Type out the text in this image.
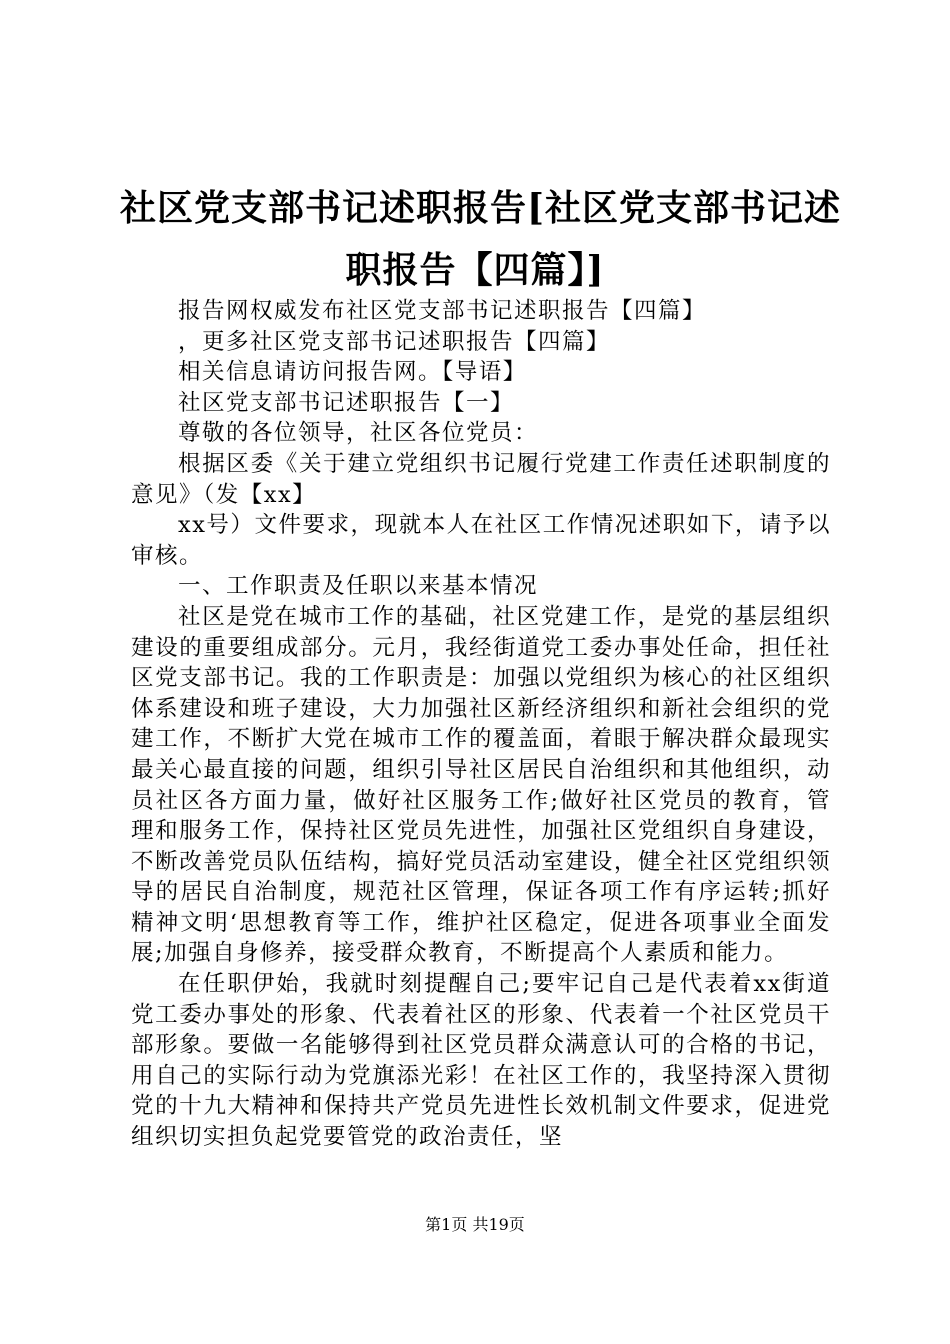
社区党支部书记述职报告[社区党支部书记述
职报告【四篇】]

报告网权威发布社区党支部书记述职报告【四篇】

，更多社区党支部书记述职报告【四篇】

相关信息请访问报告网。【导语】

社区党支部书记述职报告【一】

尊敬的各位领导，社区各位党员：

根据区委《关于建立党组织书记履行党建工作责任述职制度的意见》（发【xx】

xx号）文件要求，现就本人在社区工作情况述职如下，请予以审核。

一、工作职责及任职以来基本情况

社区是党在城市工作的基础，社区党建工作，是党的基层组织建设的重要组成部分。元月，我经街道党工委办事处任命，担任社区党支部书记。我的工作职责是：加强以党组织为核心的社区组织体系建设和班子建设，大力加强社区新经济组织和新社会组织的党建工作，不断扩大党在城市工作的覆盖面，着眼于解决群众最现实最关心最直接的问题，组织引导社区居民自治组织和其他组织，动员社区各方面力量，做好社区服务工作;做好社区党员的教育，管理和服务工作，保持社区党员先进性，加强社区党组织自身建设，不断改善党员队伍结构，搞好党员活动室建设，健全社区党组织领导的居民自治制度，规范社区管理，保证各项工作有序运转;抓好精神文明‘思想教育等工作，维护社区稳定，促进各项事业全面发展;加强自身修养，接受群众教育，不断提高个人素质和能力。

在任职伊始，我就时刻提醒自己;要牢记自己是代表着xx街道党工委办事处的形象、代表着社区的形象、代表着一个社区党员干部形象。要做一名能够得到社区党员群众满意认可的合格的书记，用自己的实际行动为党旗添光彩！在社区工作的，我坚持深入贯彻党的十九大精神和保持共产党员先进性长效机制文件要求，促进党组织切实担负起党要管党的政治责任，坚

第1页 共19页
